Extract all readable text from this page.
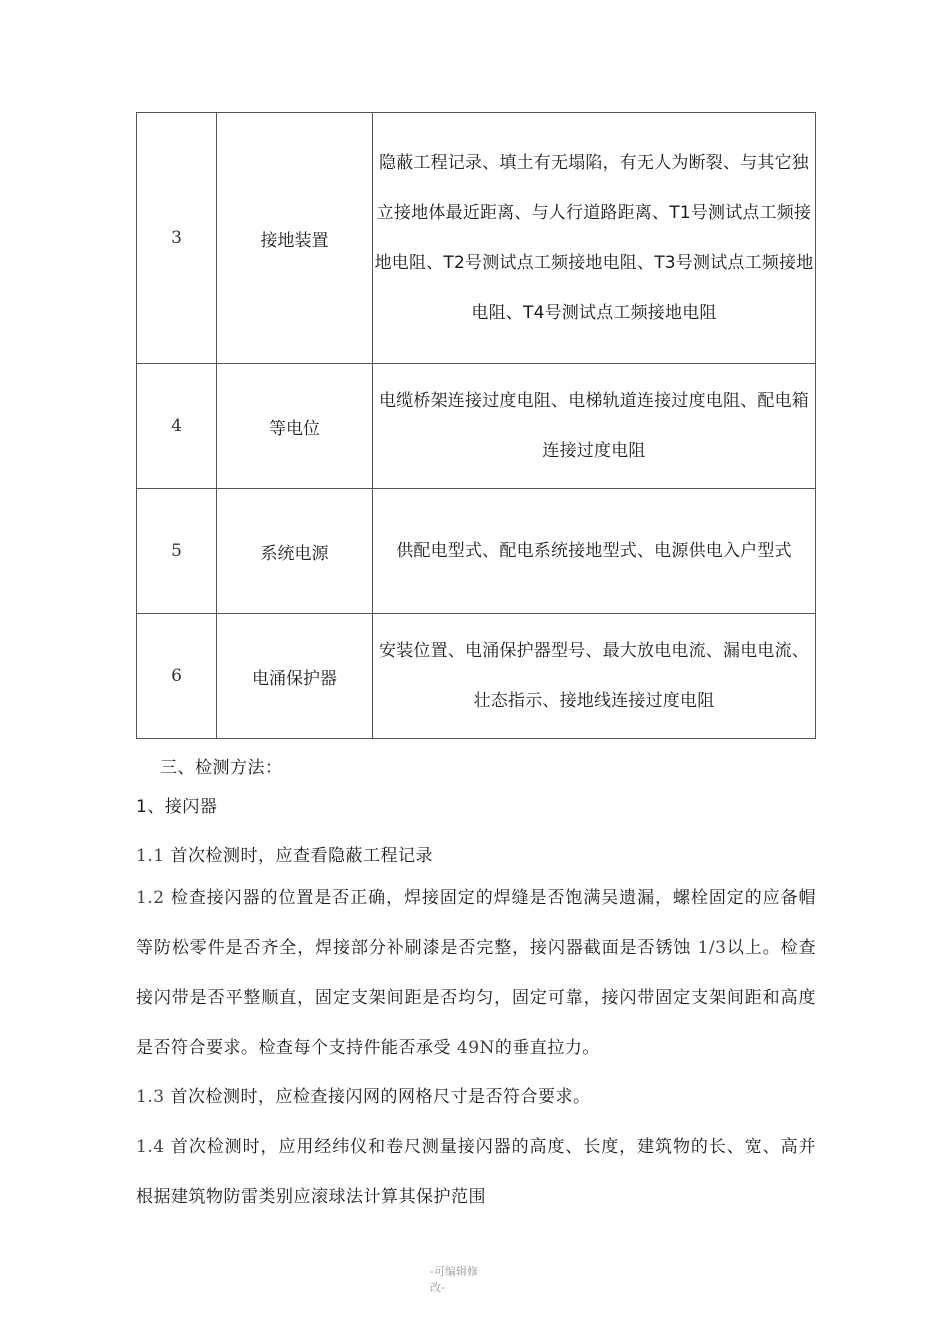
3	接地装置	隐蔽工程记录、填土有无塌陷，有无人为断裂、与其它独立接地体最近距离、与人行道路距离、T1号测试点工频接地电阻、T2号测试点工频接地电阻、T3号测试点工频接地电阻、T4号测试点工频接地电阻
4	等电位	电缆桥架连接过度电阻、电梯轨道连接过度电阻、配电箱连接过度电阻
5	系统电源	供配电型式、配电系统接地型式、电源供电入户型式
6	电涌保护器	安装位置、电涌保护器型号、最大放电电流、漏电电流、壮态指示、接地线连接过度电阻

三、检测方法：

1、接闪器

1.1 首次检测时，应查看隐蔽工程记录

1.2 检查接闪器的位置是否正确，焊接固定的焊缝是否饱满吴遗漏，螺栓固定的应备帽等防松零件是否齐全，焊接部分补刷漆是否完整，接闪器截面是否锈蚀 1/3以上。检查接闪带是否平整顺直，固定支架间距是否均匀，固定可靠，接闪带固定支架间距和高度是否符合要求。检查每个支持件能否承受 49N的垂直拉力。

1.3 首次检测时，应检查接闪网的网格尺寸是否符合要求。

1.4 首次检测时，应用经纬仪和卷尺测量接闪器的高度、长度，建筑物的长、宽、高并根据建筑物防雷类别应滚球法计算其保护范围

-可编辑修
改-
